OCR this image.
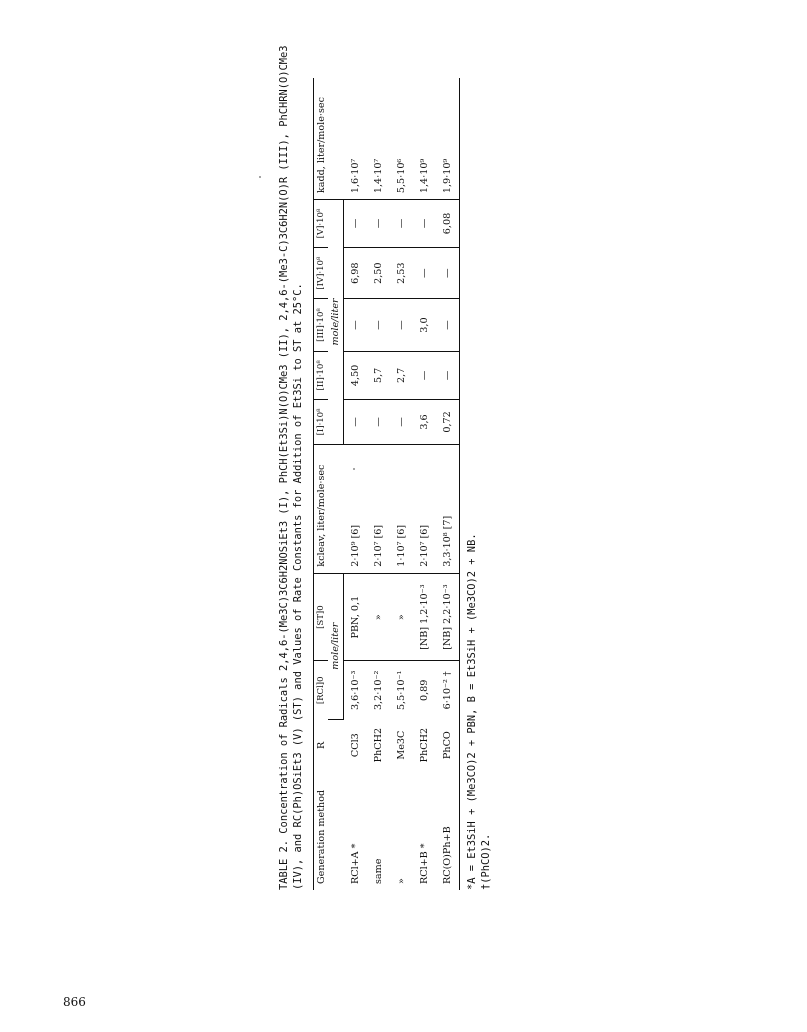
TABLE 2. Concentration of Radicals 2,4,6-(Me3C)3C6H2NOSiEt3 (I), PhCH(Et3Si)N(O)CMe3 (II), 2,4,6-(Me3-C)3C6H2N(O)R (III), PhCHRN(O)CMe3 (IV), and RC(Ph)OSiEt3 (V) (ST) and Values of Rate Constants for Addition of Et3Si to ST at 25°C. Generation method	R	[RCl]0	[ST]0	kcleav, liter/mole·sec	[I]·10⁸	[II]·10⁸	[III]·10⁸	[IV]·10⁸	[V]·10⁸	kadd, liter/mole·sec
		mole/liter			mole/liter					
RCl+A *	CCl3	3,6·10⁻³	PBN, 0,1	2·10⁹ [6]	—	4,50	—	6,98	—	1,6·10⁷
same	PhCH2	3,2·10⁻²	»	2·10⁷ [6]	—	5,7	—	2,50	—	1,4·10⁷
»	Me3C	5,5·10⁻¹	»	1·10⁷ [6]	—	2,7	—	2,53	—	5,5·10⁶
RCl+B *	PhCH2	0,89	[NB] 1,2·10⁻³	2·10⁷ [6]	3,6	—	3,0	—	—	1,4·10⁹
RC(O)Ph+B	PhCO	6·10⁻² †	[NB] 2,2·10⁻³	3,3·10⁸ [7]	0,72	—	—	—	6,08	1,9·10⁹
*A = Et3SiH + (Me3CO)2 + PBN, B = Et3SiH + (Me3CO)2 + NB. †(PhCO)2.
866
